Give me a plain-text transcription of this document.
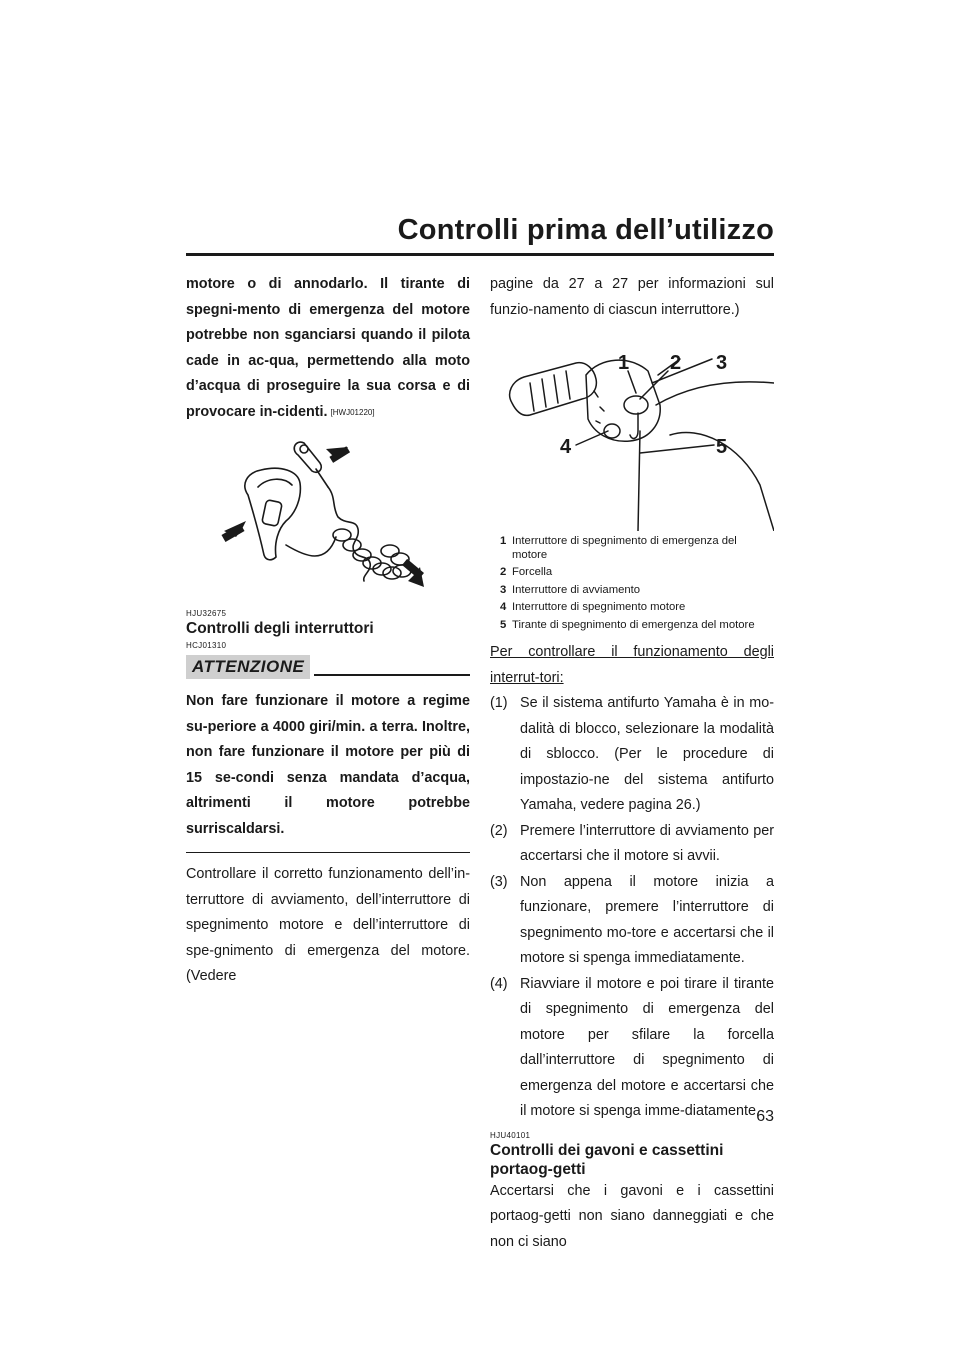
Controlli prima dell’utilizzo

motore o di annodarlo. Il tirante di spegni-mento di emergenza del motore potrebbe non sganciarsi quando il pilota cade in ac-qua, permettendo alla moto d’acqua di proseguire la sua corsa e di provocare in-cidenti. [HWJ01220]

HJU32675

Controlli degli interruttori

HCJ01310

ATTENZIONE

Non fare funzionare il motore a regime su-periore a 4000 giri/min. a terra. Inoltre, non fare funzionare il motore per più di 15 se-condi senza mandata d’acqua, altrimenti il motore potrebbe surriscaldarsi.

Controllare il corretto funzionamento dell’in-terruttore di avviamento, dell’interruttore di spegnimento motore e dell’interruttore di spe-gnimento di emergenza del motore. (Vedere

pagine da 27 a 27 per informazioni sul funzio-namento di ciascun interruttore.)

1 2 3
4	5
1 Interruttore di spegnimento di emergenza del motore
2 Forcella
3 Interruttore di avviamento
4 Interruttore di spegnimento motore
5 Tirante di spegnimento di emergenza del motore

Per controllare il funzionamento degli interrut-tori:

(1) Se il sistema antifurto Yamaha è in mo-dalità di blocco, selezionare la modalità di sblocco. (Per le procedure di impostazio-ne del sistema antifurto Yamaha, vedere pagina 26.)
(2) Premere l’interruttore di avviamento per accertarsi che il motore si avvii.
(3) Non appena il motore inizia a funzionare, premere l’interruttore di spegnimento mo-tore e accertarsi che il motore si spenga immediatamente.
(4) Riavviare il motore e poi tirare il tirante di spegnimento di emergenza del motore per sfilare la forcella dall’interruttore di spegnimento di emergenza del motore e accertarsi che il motore si spenga imme-diatamente.

HJU40101

Controlli dei gavoni e cassettini portaog-getti

Accertarsi che i gavoni e i cassettini portaog-getti non siano danneggiati e che non ci siano

63
